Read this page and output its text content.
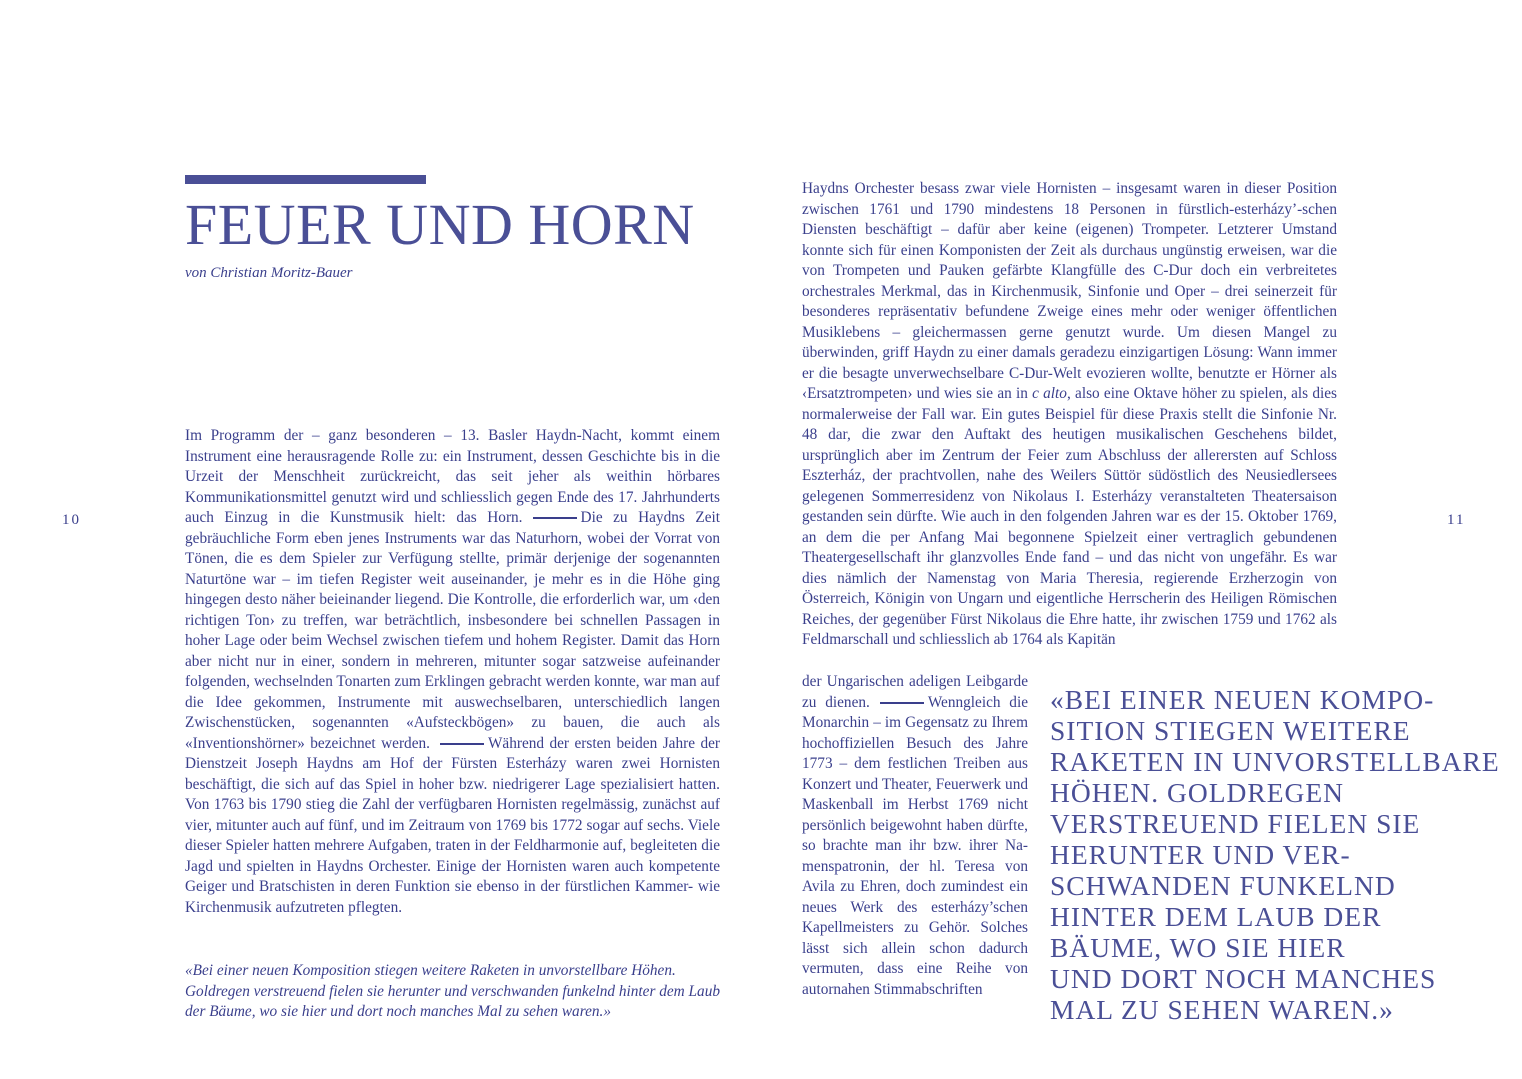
FEUER UND HORN
von Christian Moritz-Bauer
10	11

Im Programm der – ganz besonderen – 13. Basler Haydn-Nacht, kommt einem Instrument eine herausragende Rolle zu: ein Instrument, dessen Geschichte bis in die Urzeit der Menschheit zurückreicht, das seit jeher als weithin hörbares Kommunikationsmittel genutzt wird und schliesslich gegen Ende des 17. Jahrhunderts auch Einzug in die Kunstmusik hielt: das Horn.	Die zu Haydns Zeit gebräuchliche Form eben jenes Instruments war das Naturhorn, wobei der Vorrat von Tönen, die es dem Spieler zur Verfügung stellte, primär derjenige der sogenannten Naturtöne war – im tiefen Register weit auseinander, je mehr es in die Höhe ging hingegen desto näher beieinander liegend. Die Kontrolle, die erforderlich war, um ‹den richtigen Ton› zu treffen, war beträchtlich, insbesondere bei schnellen Passagen in hoher Lage oder beim Wechsel zwischen tiefem und hohem Register. Damit das Horn aber nicht nur in einer, sondern in mehreren, mitunter sogar satzweise aufeinander folgenden, wechselnden Tonarten zum Erklingen gebracht werden konnte, war man auf die Idee gekommen, Instrumente mit auswechselbaren, unterschiedlich langen Zwischenstücken, sogenannten «Aufsteckbögen» zu bauen, die auch als «Inventionshörner» bezeichnet werden.	Während der ersten beiden Jahre der Dienstzeit Joseph Haydns am Hof der Fürsten Esterházy waren zwei Hornisten beschäftigt, die sich auf das Spiel in hoher bzw. niedrigerer Lage spezialisiert hatten. Von 1763 bis 1790 stieg die Zahl der verfügbaren Hornisten regelmässig, zunächst auf vier, mitunter auch auf fünf, und im Zeitraum von 1769 bis 1772 sogar auf sechs. Viele dieser Spieler hatten mehrere Aufgaben, traten in der Feldharmonie auf, begleiteten die Jagd und spielten in Haydns Orchester. Einige der Hornisten waren auch kompetente Geiger und Bratschisten in deren Funktion sie ebenso in der fürstlichen Kammer- wie Kirchenmusik aufzutreten pflegten.

«Bei einer neuen Komposition stiegen weitere Raketen in unvorstellbare Höhen. Goldregen verstreuend fielen sie herunter und verschwanden funkelnd hinter dem Laub der Bäume, wo sie hier und dort noch manches Mal zu sehen waren.»

Haydns Orchester besass zwar viele Hornisten – insgesamt waren in dieser Position zwischen 1761 und 1790 mindestens 18 Personen in fürstlich-esterházy’-schen Diensten beschäftigt – dafür aber keine (eigenen) Trompeter. Letzterer Umstand konnte sich für einen Komponisten der Zeit als durchaus ungünstig erweisen, war die von Trompeten und Pauken gefärbte Klangfülle des C-Dur doch ein verbreitetes orchestrales Merkmal, das in Kirchenmusik, Sinfonie und Oper – drei seinerzeit für besonderes repräsentativ befundene Zweige eines mehr oder weniger öffentlichen Musiklebens – gleichermassen gerne genutzt wurde. Um diesen Mangel zu überwinden, griff Haydn zu einer damals geradezu einzigartigen Lösung: Wann immer er die besagte unverwechselbare C-Dur-Welt evozieren wollte, benutzte er Hörner als ‹Ersatztrompeten› und wies sie an in c alto, also eine Oktave höher zu spielen, als dies normalerweise der Fall war. Ein gutes Beispiel für diese Praxis stellt die Sinfonie Nr. 48 dar, die zwar den Auftakt des heutigen musikalischen Geschehens bildet, ursprünglich aber im Zentrum der Feier zum Abschluss der allerersten auf Schloss Eszterház, der prachtvollen, nahe des Weilers Süttör südöstlich des Neusiedlersees gelegenen Sommerresidenz von Nikolaus I. Esterházy veranstalteten Theatersaison gestanden sein dürfte. Wie auch in den folgenden Jahren war es der 15. Oktober 1769, an dem die per Anfang Mai begonnene Spielzeit einer vertraglich gebundenen Theatergesellschaft ihr glanzvolles Ende fand – und das nicht von ungefähr. Es war dies nämlich der Namenstag von Maria Theresia, regierende Erzherzogin von Österreich, Königin von Ungarn und eigentliche Herrscherin des Heiligen Römischen Reiches, der gegenüber Fürst Nikolaus die Ehre hatte, ihr zwischen 1759 und 1762 als Feldmarschall und schliesslich ab 1764 als Kapitän

der Ungarischen adeligen Leibgarde zu dienen.	Wenngleich die Monarchin – im Gegensatz zu Ihrem hochoffiziellen Besuch des Jahre 1773 – dem festlichen Treiben aus Konzert und Theater, Feuerwerk und Maskenball im Herbst 1769 nicht persönlich beigewohnt haben dürfte, so brachte man ihr bzw. ihrer Namenspatronin, der hl. Teresa von Avila zu Ehren, doch zumindest ein neues Werk des esterházy’schen Kapellmeisters zu Gehör. Solches lässt sich allein schon dadurch vermuten, dass eine Reihe von autornahen Stimmabschriften

«BEI EINER NEUEN KOMPO-
SITION STIEGEN WEITERE
RAKETEN IN UNVORSTELLBARE
HÖHEN. GOLDREGEN
VERSTREUEND FIELEN SIE
HERUNTER UND VER-
SCHWANDEN FUNKELND
HINTER DEM LAUB DER
BÄUME, WO SIE HIER
UND DORT NOCH MANCHES
MAL ZU SEHEN WAREN.»
